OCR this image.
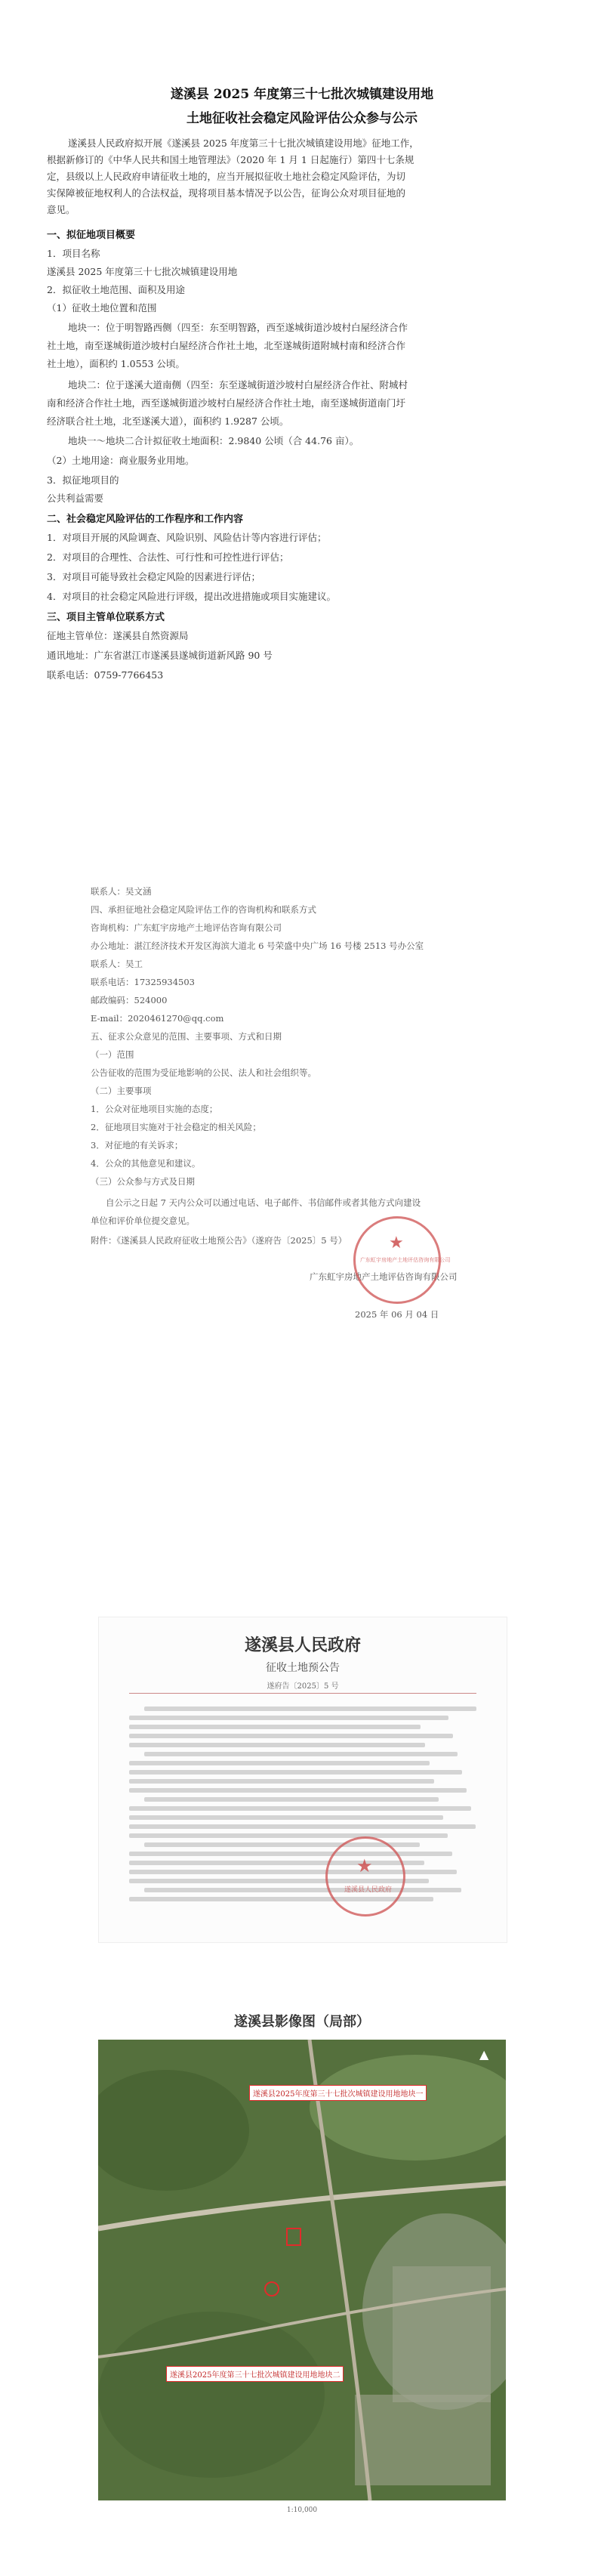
遂溪县 2025 年度第三十七批次城镇建设用地
土地征收社会稳定风险评估公众参与公示
遂溪县人民政府拟开展《遂溪县 2025 年度第三十七批次城镇建设用地》征地工作，
根据新修订的《中华人民共和国土地管理法》（2020 年 1 月 1 日起施行）第四十七条规
定，县级以上人民政府申请征收土地的，应当开展拟征收土地社会稳定风险评估，为切
实保障被征地权利人的合法权益，现将项目基本情况予以公告，征询公众对项目征地的
意见。
一、拟征地项目概要
1．项目名称
遂溪县 2025 年度第三十七批次城镇建设用地
2．拟征收土地范围、面积及用途
（1）征收土地位置和范围
地块一：位于明智路西侧（四至：东至明智路，西至遂城街道沙坡村白屋经济合作
社土地，南至遂城街道沙坡村白屋经济合作社土地，北至遂城街道附城村南和经济合作
社土地），面积约 1.0553 公顷。
地块二：位于遂溪大道南侧（四至：东至遂城街道沙坡村白屋经济合作社、附城村
南和经济合作社土地，西至遂城街道沙坡村白屋经济合作社土地，南至遂城街道南门圩
经济联合社土地，北至遂溪大道），面积约 1.9287 公顷。
地块一～地块二合计拟征收土地面积：2.9840 公顷（合 44.76 亩）。
（2）土地用途：商业服务业用地。
3．拟征地项目的
公共利益需要
二、社会稳定风险评估的工作程序和工作内容
1．对项目开展的风险调查、风险识别、风险估计等内容进行评估；
2．对项目的合理性、合法性、可行性和可控性进行评估；
3．对项目可能导致社会稳定风险的因素进行评估；
4．对项目的社会稳定风险进行评级，提出改进措施或项目实施建议。
三、项目主管单位联系方式
征地主管单位：遂溪县自然资源局
通讯地址：广东省湛江市遂溪县遂城街道新风路 90 号
联系电话：0759-7766453
联系人：吴文涵
四、承担征地社会稳定风险评估工作的咨询机构和联系方式
咨询机构：广东虹宇房地产土地评估咨询有限公司
办公地址：湛江经济技术开发区海滨大道北 6 号荣盛中央广场 16 号楼 2513 号办公室
联系人：吴工
联系电话：17325934503
邮政编码：524000
E-mail：2020461270@qq.com
五、征求公众意见的范围、主要事项、方式和日期
（一）范围
公告征收的范围为受征地影响的公民、法人和社会组织等。
（二）主要事项
1．公众对征地项目实施的态度；
2．征地项目实施对于社会稳定的相关风险；
3．对征地的有关诉求；
4．公众的其他意见和建议。
（三）公众参与方式及日期
自公示之日起 7 天内公众可以通过电话、电子邮件、书信邮件或者其他方式向建设
单位和评价单位提交意见。
附件：《遂溪县人民政府征收土地预公告》（遂府告〔2025〕5 号）
广东虹宇房地产土地评估咨询有限公司
2025 年 06 月 04 日
广东虹宇房地产土地评估咨询有限公司
★
遂溪县人民政府
征收土地预公告
遂府告〔2025〕5 号
遂溪县人民政府
★
遂溪县影像图（局部）
遂溪县2025年度第三十七批次城镇建设用地地块一
遂溪县2025年度第三十七批次城镇建设用地地块二
▲
1:10,000
